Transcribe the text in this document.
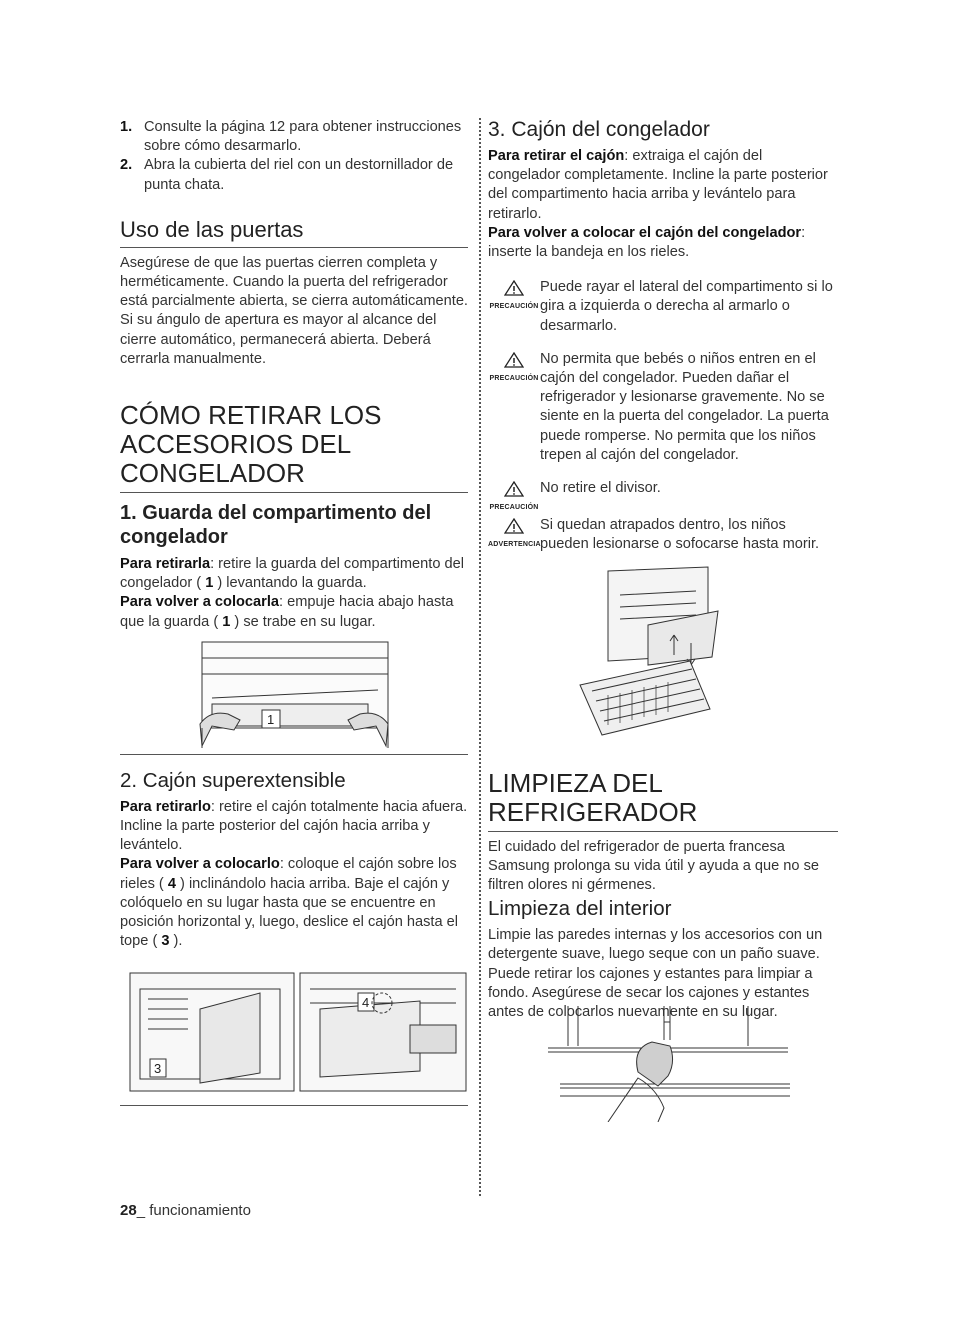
1. Consulte la página 12 para obtener instrucciones sobre cómo desarmarlo.
2. Abra la cubierta del riel con un destornillador de punta chata.
Uso de las puertas

Asegúrese de que las puertas cierren completa y herméticamente. Cuando la puerta del refrigerador está parcialmente abierta, se cierra automáticamente. Si su ángulo de apertura es mayor al alcance del cierre automático, permanecerá abierta. Deberá cerrarla manualmente.

CÓMO RETIRAR LOS
ACCESORIOS DEL
CONGELADOR
1. Guarda del compartimento del
congelador

Para retirarla: retire la guarda del compartimento del congelador ( 1 ) levantando la guarda.

Para volver a colocarla: empuje hacia abajo hasta que la guarda ( 1 ) se trabe en su lugar.

1
2. Cajón superextensible

Para retirarlo: retire el cajón totalmente hacia afuera. Incline la parte posterior del cajón hacia arriba y levántelo.

Para volver a colocarlo: coloque el cajón sobre los rieles ( 4 ) inclinándolo hacia arriba. Baje el cajón y colóquelo en su lugar hasta que se encuentre en posición horizontal y, luego, deslice el cajón hasta el tope ( 3 ).

3
4
3. Cajón del congelador

Para retirar el cajón: extraiga el cajón del congelador completamente. Incline la parte posterior del compartimento hacia arriba y levántelo para retirarlo.

Para volver a colocar el cajón del congelador: inserte la bandeja en los rieles.

PRECAUCIÓN
Puede rayar el lateral del compartimento si lo gira a izquierda o derecha al armarlo o desarmarlo.
PRECAUCIÓN
No permita que bebés o niños entren en el cajón del congelador. Pueden dañar el refrigerador y lesionarse gravemente. No se siente en la puerta del congelador. La puerta puede romperse. No permita que los niños trepen al cajón del congelador.
PRECAUCIÓN
No retire el divisor.
ADVERTENCIA
Si quedan atrapados dentro, los niños pueden lesionarse o sofocarse hasta morir.
LIMPIEZA DEL
REFRIGERADOR

El cuidado del refrigerador de puerta francesa Samsung prolonga su vida útil y ayuda a que no se filtren olores ni gérmenes.

Limpieza del interior

Limpie las paredes internas y los accesorios con un detergente suave, luego seque con un paño suave. Puede retirar los cajones y estantes para limpiar a fondo. Asegúrese de secar los cajones y estantes antes de colocarlos nuevamente en su lugar.

28_ funcionamiento
